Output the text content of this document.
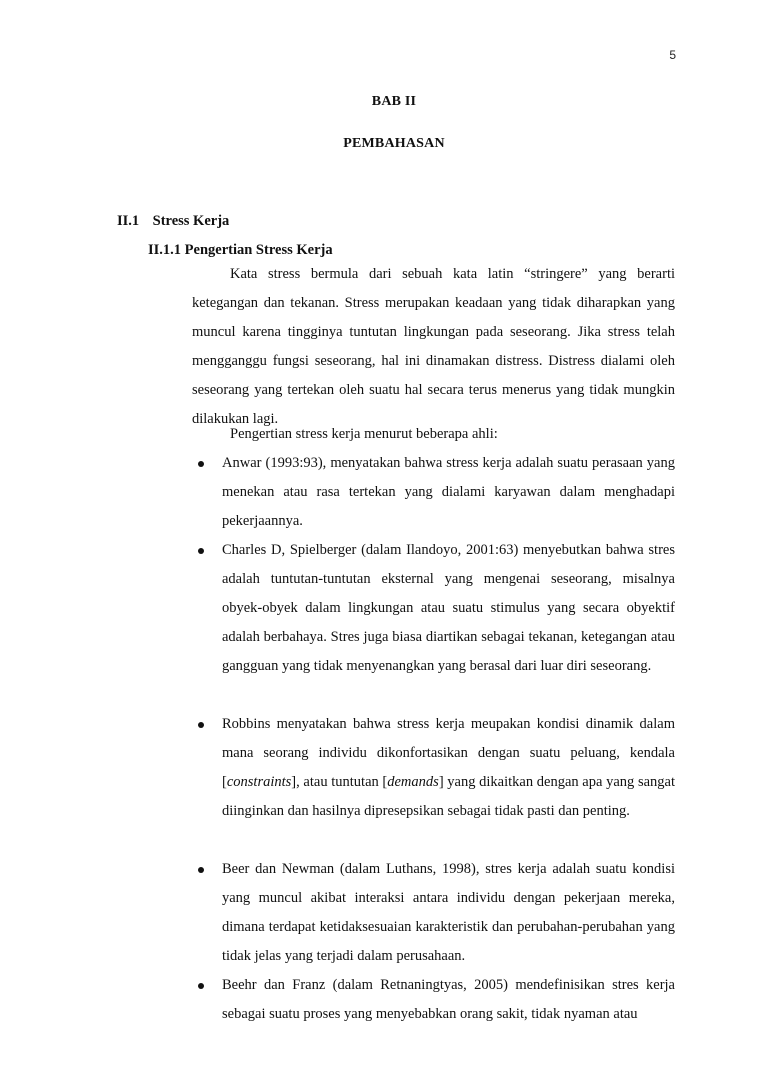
5
BAB II
PEMBAHASAN
II.1 Stress Kerja
II.1.1 Pengertian Stress Kerja

Kata stress bermula dari sebuah kata latin “stringere” yang berarti ketegangan dan tekanan. Stress merupakan keadaan yang tidak diharapkan yang muncul karena tingginya tuntutan lingkungan pada seseorang. Jika stress telah mengganggu fungsi seseorang, hal ini dinamakan distress. Distress dialami oleh seseorang yang tertekan oleh suatu hal secara terus menerus yang tidak mungkin dilakukan lagi.

Pengertian stress kerja menurut beberapa ahli:

Anwar (1993:93), menyatakan bahwa stress kerja adalah suatu perasaan yang menekan atau rasa tertekan yang dialami karyawan dalam menghadapi pekerjaannya.
Charles D, Spielberger (dalam Ilandoyo, 2001:63) menyebutkan bahwa stres adalah tuntutan-tuntutan eksternal yang mengenai seseorang, misalnya obyek-obyek dalam lingkungan atau suatu stimulus yang secara obyektif adalah berbahaya. Stres juga biasa diartikan sebagai tekanan, ketegangan atau gangguan yang tidak menyenangkan yang berasal dari luar diri seseorang.
Robbins menyatakan bahwa stress kerja meupakan kondisi dinamik dalam mana seorang individu dikonfortasikan dengan suatu peluang, kendala [constraints], atau tuntutan [demands] yang dikaitkan dengan apa yang sangat diinginkan dan hasilnya dipresepsikan sebagai tidak pasti dan penting.
Beer dan Newman (dalam Luthans, 1998), stres kerja adalah suatu kondisi yang muncul akibat interaksi antara individu dengan pekerjaan mereka, dimana terdapat ketidaksesuaian karakteristik dan perubahan-perubahan yang tidak jelas yang terjadi dalam perusahaan.
Beehr dan Franz (dalam Retnaningtyas, 2005) mendefinisikan stres kerja sebagai suatu proses yang menyebabkan orang sakit, tidak nyaman atau
